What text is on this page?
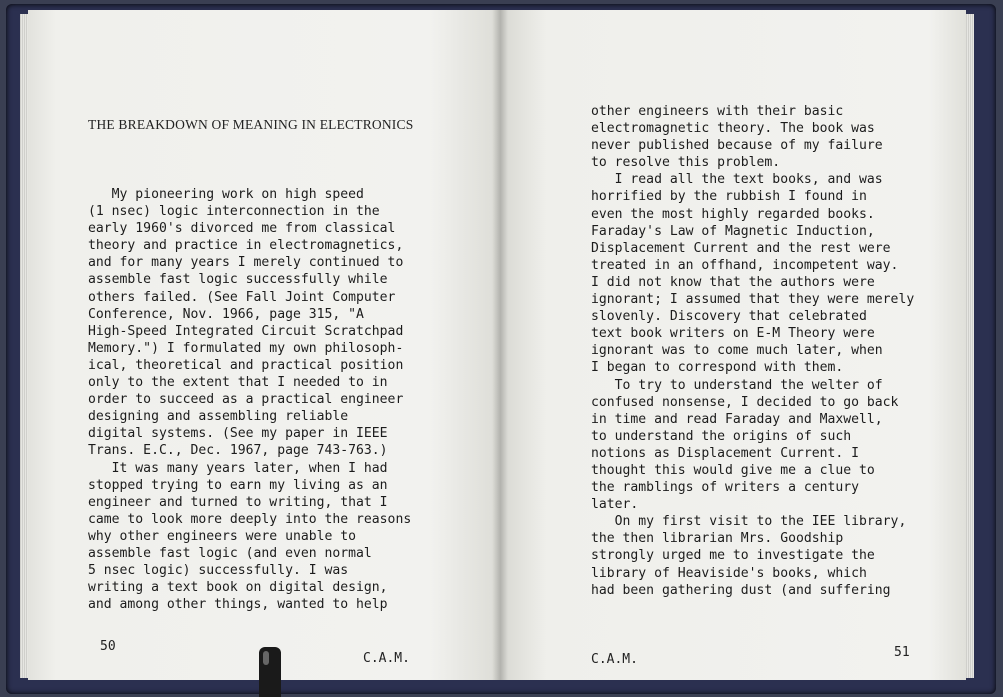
THE BREAKDOWN OF MEANING IN ELECTRONICS
My pioneering work on high speed
(1 nsec) logic interconnection in the
early 1960's divorced me from classical
theory and practice in electromagnetics,
and for many years I merely continued to
assemble fast logic successfully while
others failed. (See Fall Joint Computer
Conference, Nov. 1966, page 315, "A
High-Speed Integrated Circuit Scratchpad
Memory.") I formulated my own philosoph-
ical, theoretical and practical position
only to the extent that I needed to in
order to succeed as a practical engineer
designing and assembling reliable
digital systems. (See my paper in IEEE
Trans. E.C., Dec. 1967, page 743-763.)
It was many years later, when I had
stopped trying to earn my living as an
engineer and turned to writing, that I
came to look more deeply into the reasons
why other engineers were unable to
assemble fast logic (and even normal
5 nsec logic) successfully. I was
writing a text book on digital design,
and among other things, wanted to help
other engineers with their basic
electromagnetic theory. The book was
never published because of my failure
to resolve this problem.
I read all the text books, and was
horrified by the rubbish I found in
even the most highly regarded books.
Faraday's Law of Magnetic Induction,
Displacement Current and the rest were
treated in an offhand, incompetent way.
I did not know that the authors were
ignorant; I assumed that they were merely
slovenly. Discovery that celebrated
text book writers on E-M Theory were
ignorant was to come much later, when
I began to correspond with them.
To try to understand the welter of
confused nonsense, I decided to go back
in time and read Faraday and Maxwell,
to understand the origins of such
notions as Displacement Current. I
thought this would give me a clue to
the ramblings of writers a century
later.
On my first visit to the IEE library,
the then librarian Mrs. Goodship
strongly urged me to investigate the
library of Heaviside's books, which
had been gathering dust (and suffering
50
C.A.M.	C.A.M.	51
